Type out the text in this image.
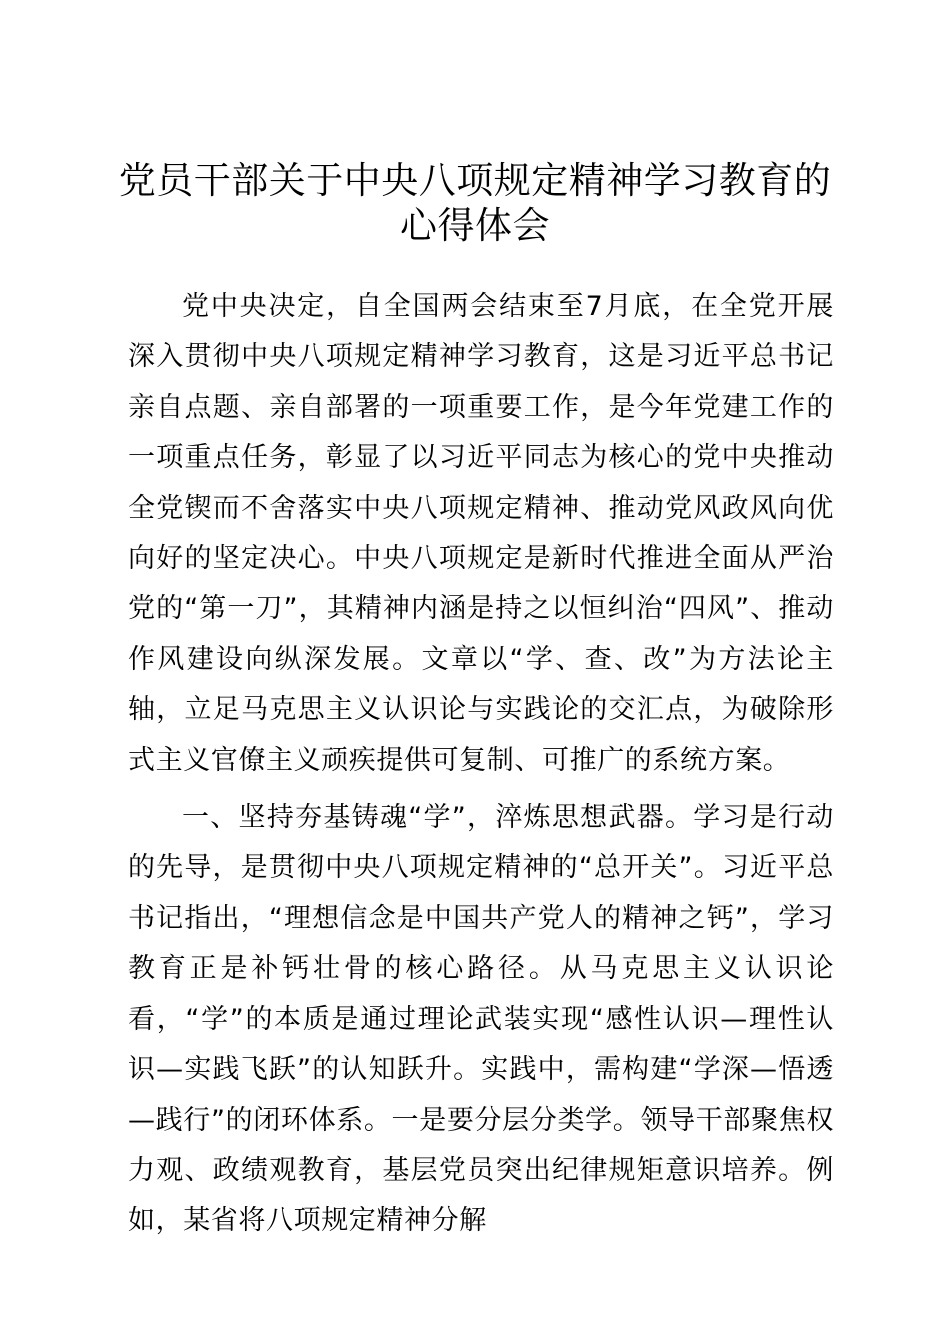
党员干部关于中央八项规定精神学习教育的心得体会

党中央决定，自全国两会结束至7月底，在全党开展深入贯彻中央八项规定精神学习教育，这是习近平总书记亲自点题、亲自部署的一项重要工作，是今年党建工作的一项重点任务，彰显了以习近平同志为核心的党中央推动全党锲而不舍落实中央八项规定精神、推动党风政风向优向好的坚定决心。中央八项规定是新时代推进全面从严治党的“第一刀”，其精神内涵是持之以恒纠治“四风”、推动作风建设向纵深发展。文章以“学、查、改”为方法论主轴，立足马克思主义认识论与实践论的交汇点，为破除形式主义官僚主义顽疾提供可复制、可推广的系统方案。

一、坚持夯基铸魂“学”，淬炼思想武器。学习是行动的先导，是贯彻中央八项规定精神的“总开关”。习近平总书记指出，“理想信念是中国共产党人的精神之钙”，学习教育正是补钙壮骨的核心路径。从马克思主义认识论看，“学”的本质是通过理论武装实现“感性认识—理性认识—实践飞跃”的认知跃升。实践中，需构建“学深—悟透—践行”的闭环体系。一是要分层分类学。领导干部聚焦权力观、政绩观教育，基层党员突出纪律规矩意识培养。例如，某省将八项规定精神分解
